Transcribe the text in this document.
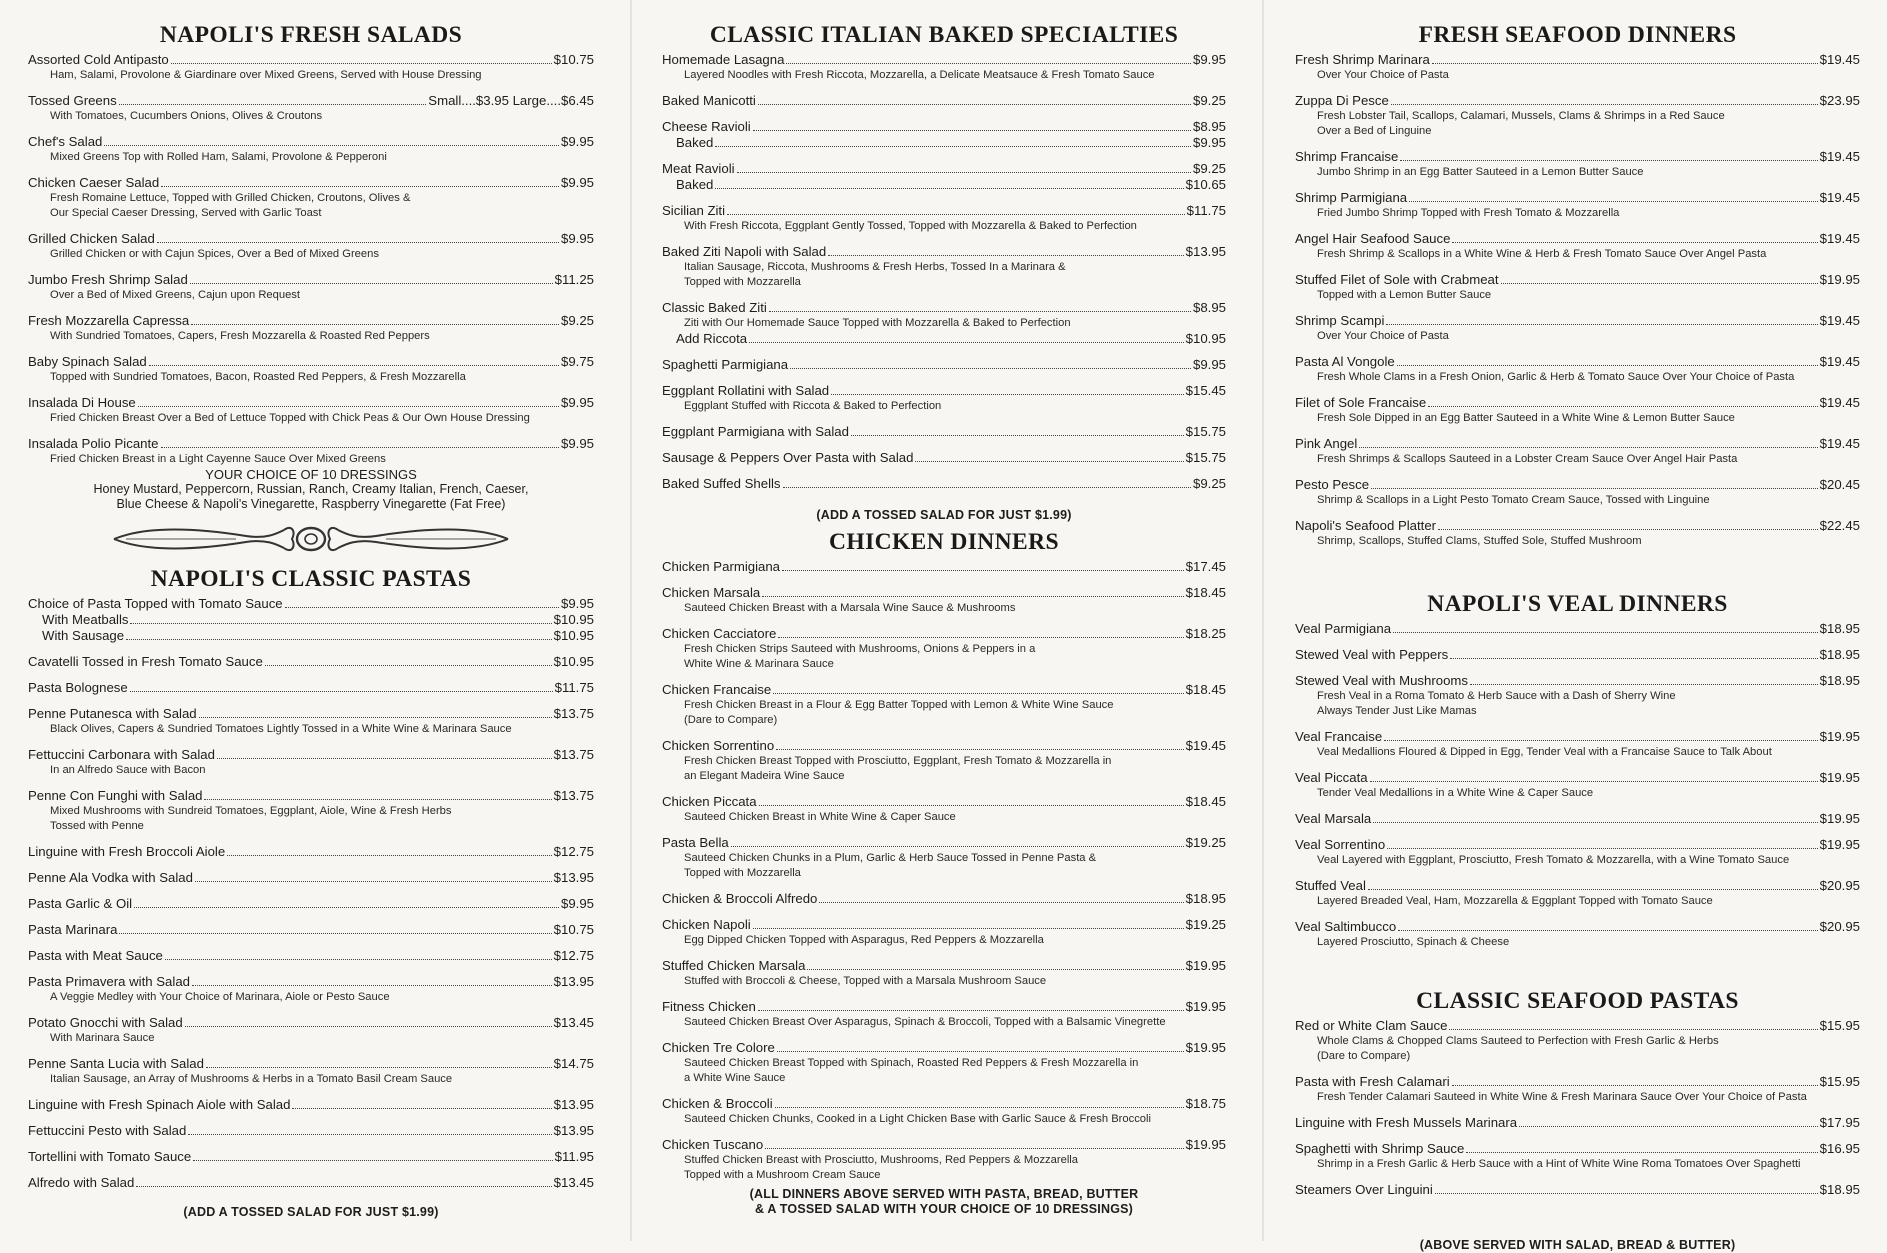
NAPOLI'S FRESH SALADS
Assorted Cold Antipasto	$10.75
Ham, Salami, Provolone & Giardinare over Mixed Greens, Served with House Dressing
Tossed Greens	Small....$3.95 Large.... $6.45
With Tomatoes, Cucumbers Onions, Olives & Croutons
Chef's Salad	$9.95
Mixed Greens Top with Rolled Ham, Salami, Provolone & Pepperoni
Chicken Caeser Salad	$9.95
Fresh Romaine Lettuce, Topped with Grilled Chicken, Croutons, Olives &
Our Special Caeser Dressing, Served with Garlic Toast
Grilled Chicken Salad	$9.95
Grilled Chicken or with Cajun Spices, Over a Bed of Mixed Greens
Jumbo Fresh Shrimp Salad	$11.25
Over a Bed of Mixed Greens, Cajun upon Request
Fresh Mozzarella Capressa	$9.25
With Sundried Tomatoes, Capers, Fresh Mozzarella & Roasted Red Peppers
Baby Spinach Salad	$9.75
Topped with Sundried Tomatoes, Bacon, Roasted Red Peppers, & Fresh Mozzarella
Insalada Di House	$9.95
Fried Chicken Breast Over a Bed of Lettuce Topped with Chick Peas & Our Own House Dressing
Insalada Polio Picante	$9.95
Fried Chicken Breast in a Light Cayenne Sauce Over Mixed Greens
YOUR CHOICE OF 10 DRESSINGS
Honey Mustard, Peppercorn, Russian, Ranch, Creamy Italian, French, Caeser,
Blue Cheese & Napoli's Vinegarette, Raspberry Vinegarette (Fat Free)
NAPOLI'S CLASSIC PASTAS
Choice of Pasta Topped with Tomato Sauce	$9.95
With Meatballs	$10.95
With Sausage	$10.95
Cavatelli Tossed in Fresh Tomato Sauce	$10.95
Pasta Bolognese	$11.75
Penne Putanesca with Salad	$13.75
Black Olives, Capers & Sundried Tomatoes Lightly Tossed in a White Wine & Marinara Sauce
Fettuccini Carbonara with Salad	$13.75
In an Alfredo Sauce with Bacon
Penne Con Funghi with Salad	$13.75
Mixed Mushrooms with Sundreid Tomatoes, Eggplant, Aiole, Wine & Fresh Herbs
Tossed with Penne
Linguine with Fresh Broccoli Aiole	$12.75
Penne Ala Vodka with Salad	$13.95
Pasta Garlic & Oil	$9.95
Pasta Marinara	$10.75
Pasta with Meat Sauce	$12.75
Pasta Primavera with Salad	$13.95
A Veggie Medley with Your Choice of Marinara, Aiole or Pesto Sauce
Potato Gnocchi with Salad	$13.45
With Marinara Sauce
Penne Santa Lucia with Salad	$14.75
Italian Sausage, an Array of Mushrooms & Herbs in a Tomato Basil Cream Sauce
Linguine with Fresh Spinach Aiole with Salad	$13.95
Fettuccini Pesto with Salad	$13.95
Tortellini with Tomato Sauce	$11.95
Alfredo with Salad	$13.45
(ADD A TOSSED SALAD FOR JUST $1.99)
CLASSIC ITALIAN BAKED SPECIALTIES
Homemade Lasagna	$9.95
Layered Noodles with Fresh Riccota, Mozzarella, a Delicate Meatsauce & Fresh Tomato Sauce
Baked Manicotti	$9.25
Cheese Ravioli	$8.95
Baked	$9.95
Meat Ravioli	$9.25
Baked	$10.65
Sicilian Ziti	$11.75
With Fresh Riccota, Eggplant Gently Tossed, Topped with Mozzarella & Baked to Perfection
Baked Ziti Napoli with Salad	$13.95
Italian Sausage, Riccota, Mushrooms & Fresh Herbs, Tossed In a Marinara &
Topped with Mozzarella
Classic Baked Ziti	$8.95
Ziti with Our Homemade Sauce Topped with Mozzarella & Baked to Perfection
Add Riccota	$10.95
Spaghetti Parmigiana	$9.95
Eggplant Rollatini with Salad	$15.45
Eggplant Stuffed with Riccota & Baked to Perfection
Eggplant Parmigiana with Salad	$15.75
Sausage & Peppers Over Pasta with Salad	$15.75
Baked Suffed Shells	$9.25
(ADD A TOSSED SALAD FOR JUST $1.99)
CHICKEN DINNERS
Chicken Parmigiana	$17.45
Chicken Marsala	$18.45
Sauteed Chicken Breast with a Marsala Wine Sauce & Mushrooms
Chicken Cacciatore	$18.25
Fresh Chicken Strips Sauteed with Mushrooms, Onions & Peppers in a
White Wine & Marinara Sauce
Chicken Francaise	$18.45
Fresh Chicken Breast in a Flour & Egg Batter Topped with Lemon & White Wine Sauce
(Dare to Compare)
Chicken Sorrentino	$19.45
Fresh Chicken Breast Topped with Prosciutto, Eggplant, Fresh Tomato & Mozzarella in
an Elegant Madeira Wine Sauce
Chicken Piccata	$18.45
Sauteed Chicken Breast in White Wine & Caper Sauce
Pasta Bella	$19.25
Sauteed Chicken Chunks in a Plum, Garlic & Herb Sauce Tossed in Penne Pasta &
Topped with Mozzarella
Chicken & Broccoli Alfredo	$18.95
Chicken Napoli	$19.25
Egg Dipped Chicken Topped with Asparagus, Red Peppers & Mozzarella
Stuffed Chicken Marsala	$19.95
Stuffed with Broccoli & Cheese, Topped with a Marsala Mushroom Sauce
Fitness Chicken	$19.95
Sauteed Chicken Breast Over Asparagus, Spinach & Broccoli, Topped with a Balsamic Vinegrette
Chicken Tre Colore	$19.95
Sauteed Chicken Breast Topped with Spinach, Roasted Red Peppers & Fresh Mozzarella in
a White Wine Sauce
Chicken & Broccoli	$18.75
Sauteed Chicken Chunks, Cooked in a Light Chicken Base with Garlic Sauce & Fresh Broccoli
Chicken Tuscano	$19.95
Stuffed Chicken Breast with Prosciutto, Mushrooms, Red Peppers & Mozzarella
Topped with a Mushroom Cream Sauce
(ALL DINNERS ABOVE SERVED WITH PASTA, BREAD, BUTTER
& A TOSSED SALAD WITH YOUR CHOICE OF 10 DRESSINGS)
FRESH SEAFOOD DINNERS
Fresh Shrimp Marinara	$19.45
Over Your Choice of Pasta
Zuppa Di Pesce	$23.95
Fresh Lobster Tail, Scallops, Calamari, Mussels, Clams & Shrimps in a Red Sauce
Over a Bed of Linguine
Shrimp Francaise	$19.45
Jumbo Shrimp in an Egg Batter Sauteed in a Lemon Butter Sauce
Shrimp Parmigiana	$19.45
Fried Jumbo Shrimp Topped with Fresh Tomato & Mozzarella
Angel Hair Seafood Sauce	$19.45
Fresh Shrimp & Scallops in a White Wine & Herb & Fresh Tomato Sauce Over Angel Pasta
Stuffed Filet of Sole with Crabmeat	$19.95
Topped with a Lemon Butter Sauce
Shrimp Scampi	$19.45
Over Your Choice of Pasta
Pasta Al Vongole	$19.45
Fresh Whole Clams in a Fresh Onion, Garlic & Herb & Tomato Sauce Over Your Choice of Pasta
Filet of Sole Francaise	$19.45
Fresh Sole Dipped in an Egg Batter Sauteed in a White Wine & Lemon Butter Sauce
Pink Angel	$19.45
Fresh Shrimps & Scallops Sauteed in a Lobster Cream Sauce Over Angel Hair Pasta
Pesto Pesce	$20.45
Shrimp & Scallops in a Light Pesto Tomato Cream Sauce, Tossed with Linguine
Napoli's Seafood Platter	$22.45
Shrimp, Scallops, Stuffed Clams, Stuffed Sole, Stuffed Mushroom
NAPOLI'S VEAL DINNERS
Veal Parmigiana	$18.95
Stewed Veal with Peppers	$18.95
Stewed Veal with Mushrooms	$18.95
Fresh Veal in a Roma Tomato & Herb Sauce with a Dash of Sherry Wine
Always Tender Just Like Mamas
Veal Francaise	$19.95
Veal Medallions Floured & Dipped in Egg, Tender Veal with a Francaise Sauce to Talk About
Veal Piccata	$19.95
Tender Veal Medallions in a White Wine & Caper Sauce
Veal Marsala	$19.95
Veal Sorrentino	$19.95
Veal Layered with Eggplant, Prosciutto, Fresh Tomato & Mozzarella, with a Wine Tomato Sauce
Stuffed Veal	$20.95
Layered Breaded Veal, Ham, Mozzarella & Eggplant Topped with Tomato Sauce
Veal Saltimbucco	$20.95
Layered Prosciutto, Spinach & Cheese
CLASSIC SEAFOOD PASTAS
Red or White Clam Sauce	$15.95
Whole Clams & Chopped Clams Sauteed to Perfection with Fresh Garlic & Herbs
(Dare to Compare)
Pasta with Fresh Calamari	$15.95
Fresh Tender Calamari Sauteed in White Wine & Fresh Marinara Sauce Over Your Choice of Pasta
Linguine with Fresh Mussels Marinara	$17.95
Spaghetti with Shrimp Sauce	$16.95
Shrimp in a Fresh Garlic & Herb Sauce with a Hint of White Wine Roma Tomatoes Over Spaghetti
Steamers Over Linguini	$18.95
(ABOVE SERVED WITH SALAD, BREAD & BUTTER)
